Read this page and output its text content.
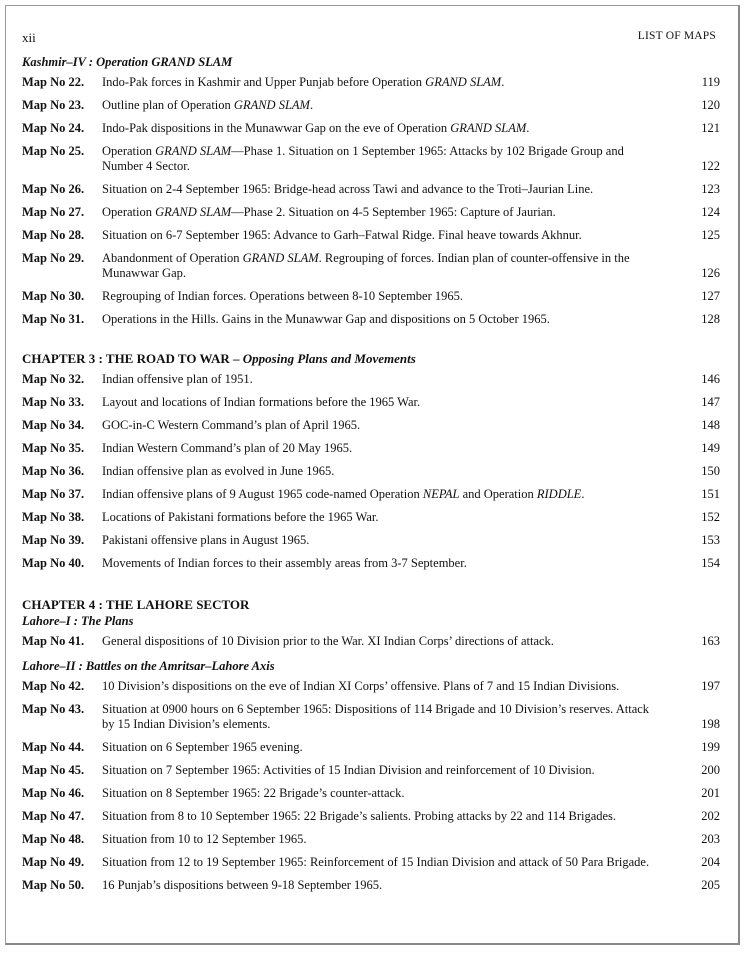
xii	LIST OF MAPS
Kashmir–IV : Operation GRAND SLAM
Map No 22.	Indo-Pak forces in Kashmir and Upper Punjab before Operation GRAND SLAM.	119
Map No 23.	Outline plan of Operation GRAND SLAM.	120
Map No 24.	Indo-Pak dispositions in the Munawwar Gap on the eve of Operation GRAND SLAM.	121
Map No 25.	Operation GRAND SLAM—Phase 1. Situation on 1 September 1965: Attacks by 102 Brigade Group and Number 4 Sector.	122
Map No 26.	Situation on 2-4 September 1965: Bridge-head across Tawi and advance to the Troti–Jaurian Line.	123
Map No 27.	Operation GRAND SLAM—Phase 2. Situation on 4-5 September 1965: Capture of Jaurian.	124
Map No 28.	Situation on 6-7 September 1965: Advance to Garh–Fatwal Ridge. Final heave towards Akhnur.	125
Map No 29.	Abandonment of Operation GRAND SLAM. Regrouping of forces. Indian plan of counter-offensive in the Munawwar Gap.	126
Map No 30.	Regrouping of Indian forces. Operations between 8-10 September 1965.	127
Map No 31.	Operations in the Hills. Gains in the Munawwar Gap and dispositions on 5 October 1965.	128
CHAPTER 3 : THE ROAD TO WAR – Opposing Plans and Movements
Map No 32.	Indian offensive plan of 1951.	146
Map No 33.	Layout and locations of Indian formations before the 1965 War.	147
Map No 34.	GOC-in-C Western Command’s plan of April 1965.	148
Map No 35.	Indian Western Command’s plan of 20 May 1965.	149
Map No 36.	Indian offensive plan as evolved in June 1965.	150
Map No 37.	Indian offensive plans of 9 August 1965 code-named Operation NEPAL and Operation RIDDLE.	151
Map No 38.	Locations of Pakistani formations before the 1965 War.	152
Map No 39.	Pakistani offensive plans in August 1965.	153
Map No 40.	Movements of Indian forces to their assembly areas from 3-7 September.	154
CHAPTER 4 : THE LAHORE SECTOR
Lahore–I : The Plans
Map No 41.	General dispositions of 10 Division prior to the War. XI Indian Corps’ directions of attack.	163
Lahore–II : Battles on the Amritsar–Lahore Axis
Map No 42.	10 Division’s dispositions on the eve of Indian XI Corps’ offensive. Plans of 7 and 15 Indian Divisions.	197
Map No 43.	Situation at 0900 hours on 6 September 1965: Dispositions of 114 Brigade and 10 Division’s reserves. Attack by 15 Indian Division’s elements.	198
Map No 44.	Situation on 6 September 1965 evening.	199
Map No 45.	Situation on 7 September 1965: Activities of 15 Indian Division and reinforcement of 10 Division.	200
Map No 46.	Situation on 8 September 1965: 22 Brigade’s counter-attack.	201
Map No 47.	Situation from 8 to 10 September 1965: 22 Brigade’s salients. Probing attacks by 22 and 114 Brigades.	202
Map No 48.	Situation from 10 to 12 September 1965.	203
Map No 49.	Situation from 12 to 19 September 1965: Reinforcement of 15 Indian Division and attack of 50 Para Brigade.	204
Map No 50.	16 Punjab’s dispositions between 9-18 September 1965.	205
